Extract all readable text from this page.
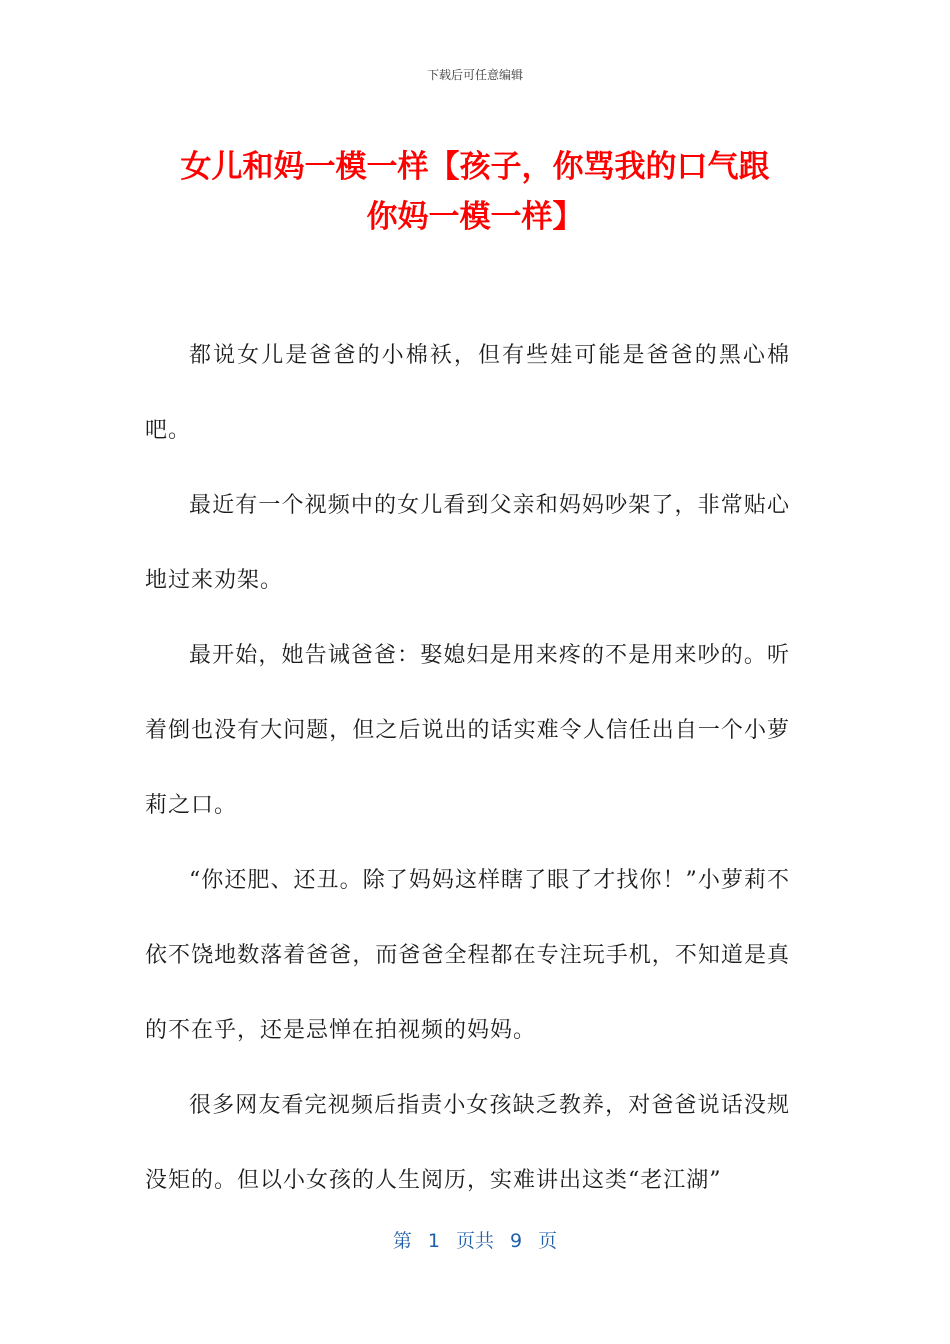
下载后可任意编辑
女儿和妈一模一样【孩子，你骂我的口气跟
你妈一模一样】

都说女儿是爸爸的小棉袄，但有些娃可能是爸爸的黑心棉吧。

最近有一个视频中的女儿看到父亲和妈妈吵架了，非常贴心地过来劝架。

最开始，她告诫爸爸：娶媳妇是用来疼的不是用来吵的。听着倒也没有大问题，但之后说出的话实难令人信任出自一个小萝莉之口。

“你还肥、还丑。除了妈妈这样瞎了眼了才找你！”小萝莉不依不饶地数落着爸爸，而爸爸全程都在专注玩手机，不知道是真的不在乎，还是忌惮在拍视频的妈妈。

很多网友看完视频后指责小女孩缺乏教养，对爸爸说话没规没矩的。但以小女孩的人生阅历，实难讲出这类“老江湖”

第 1 页共 9 页
